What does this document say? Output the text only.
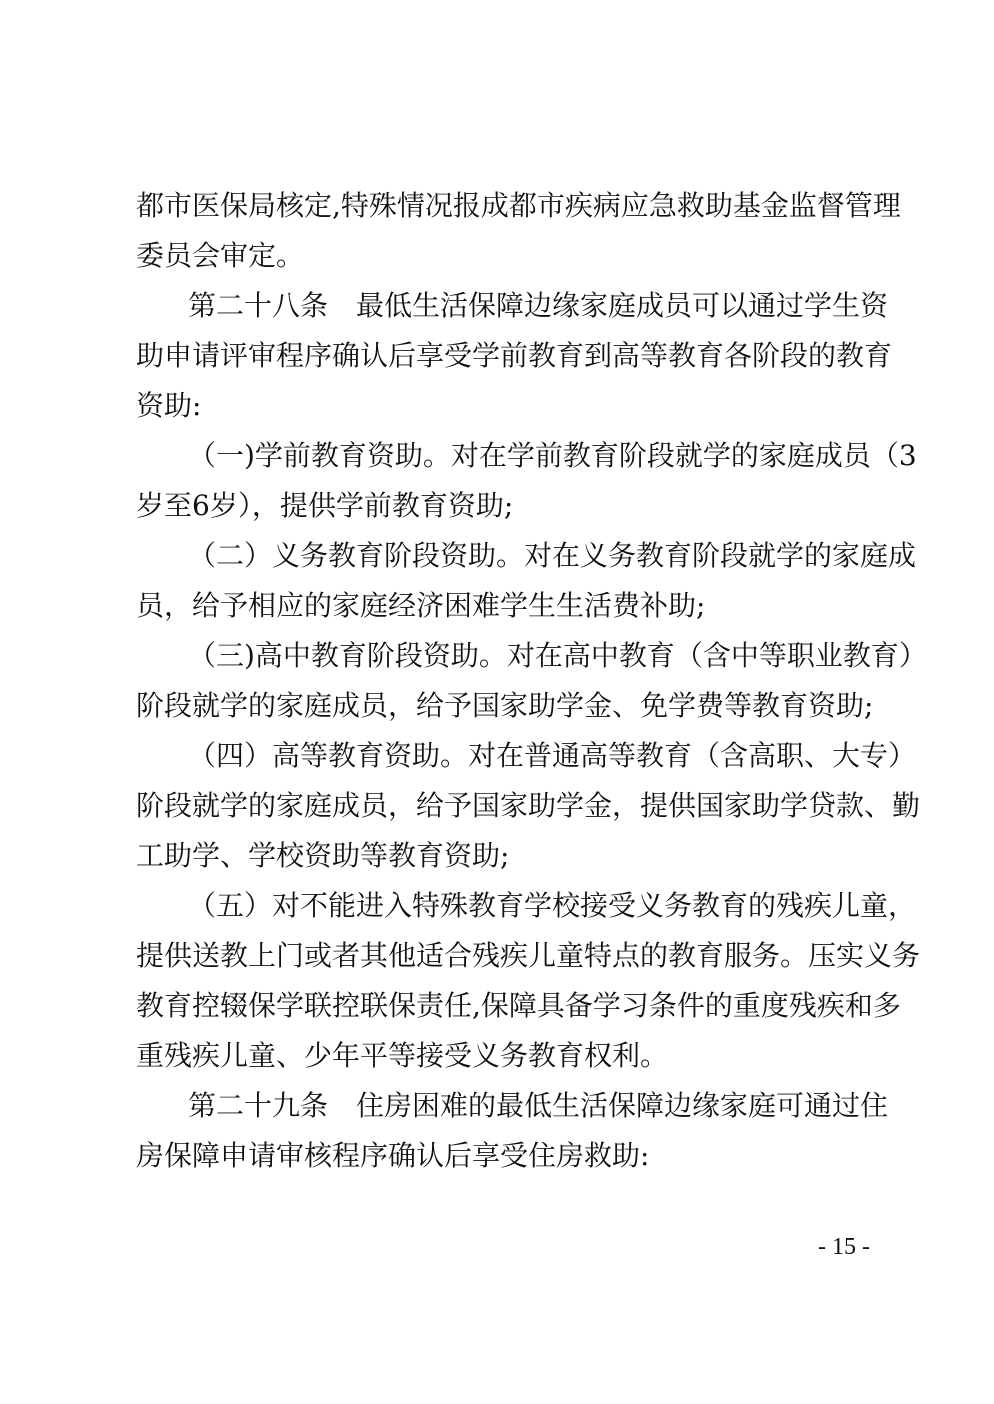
都市医保局核定,特殊情况报成都市疾病应急救助基金监督管理
委员会审定。
第二十八条　最低生活保障边缘家庭成员可以通过学生资
助申请评审程序确认后享受学前教育到高等教育各阶段的教育
资助:
（一)学前教育资助。对在学前教育阶段就学的家庭成员（3
岁至6岁），提供学前教育资助;
（二）义务教育阶段资助。对在义务教育阶段就学的家庭成
员，给予相应的家庭经济困难学生生活费补助;
（三)高中教育阶段资助。对在高中教育（含中等职业教育）
阶段就学的家庭成员，给予国家助学金、免学费等教育资助;
（四）高等教育资助。对在普通高等教育（含高职、大专）
阶段就学的家庭成员，给予国家助学金，提供国家助学贷款、勤
工助学、学校资助等教育资助;
（五）对不能进入特殊教育学校接受义务教育的残疾儿童，
提供送教上门或者其他适合残疾儿童特点的教育服务。压实义务
教育控辍保学联控联保责任,保障具备学习条件的重度残疾和多
重残疾儿童、少年平等接受义务教育权利。
第二十九条　住房困难的最低生活保障边缘家庭可通过住
房保障申请审核程序确认后享受住房救助:
- 15 -
